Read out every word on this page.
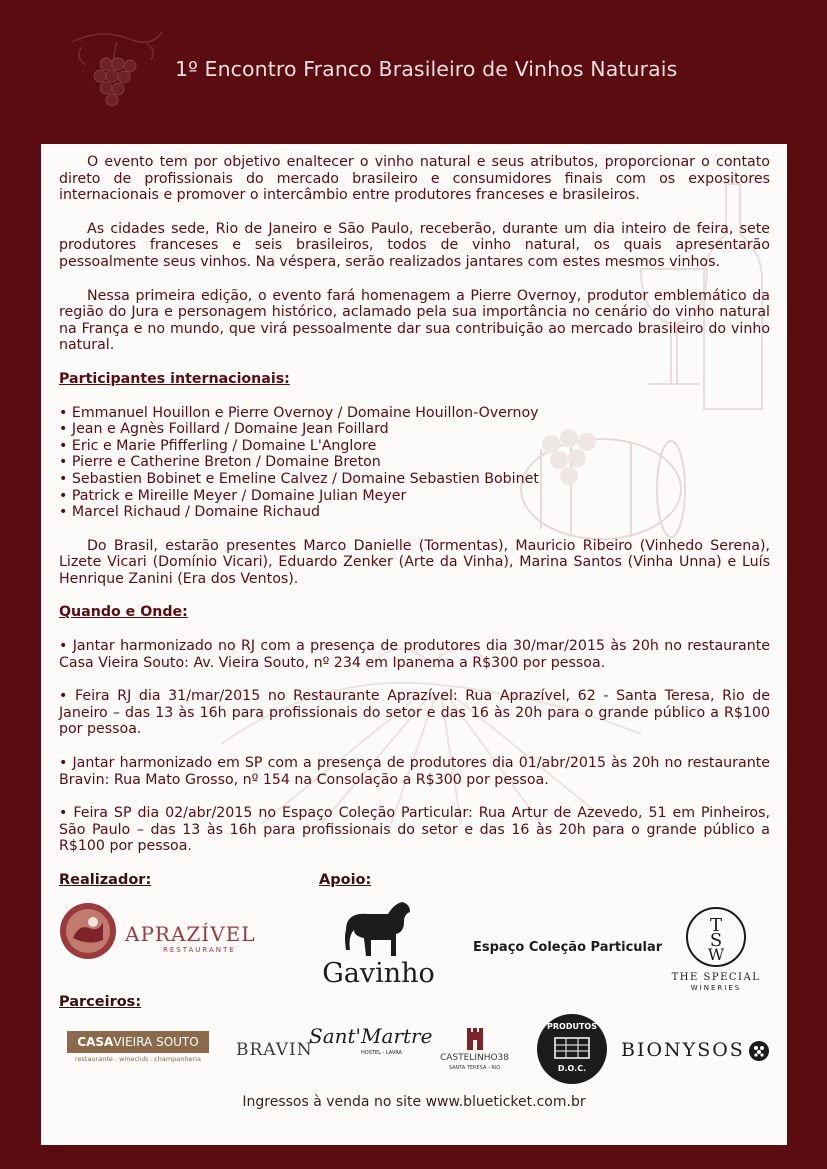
1º Encontro Franco Brasileiro de Vinhos Naturais

O evento tem por objetivo enaltecer o vinho natural e seus atributos, proporcionar o contato direto de profissionais do mercado brasileiro e consumidores finais com os expositores internacionais e promover o intercâmbio entre produtores franceses e brasileiros.

As cidades sede, Rio de Janeiro e São Paulo, receberão, durante um dia inteiro de feira, sete produtores franceses e seis brasileiros, todos de vinho natural, os quais apresentarão pessoalmente seus vinhos. Na véspera, serão realizados jantares com estes mesmos vinhos.

Nessa primeira edição, o evento fará homenagem a Pierre Overnoy, produtor emblemático da região do Jura e personagem histórico, aclamado pela sua importância no cenário do vinho natural na França e no mundo, que virá pessoalmente dar sua contribuição ao mercado brasileiro do vinho natural.

Participantes internacionais:
• Emmanuel Houillon e Pierre Overnoy / Domaine Houillon-Overnoy
• Jean e Agnès Foillard / Domaine Jean Foillard
• Eric e Marie Pfifferling / Domaine L'Anglore
• Pierre e Catherine Breton / Domaine Breton
• Sebastien Bobinet e Emeline Calvez / Domaine Sebastien Bobinet
• Patrick e Mireille Meyer / Domaine Julian Meyer
• Marcel Richaud / Domaine Richaud

Do Brasil, estarão presentes Marco Danielle (Tormentas), Mauricio Ribeiro (Vinhedo Serena), Lizete Vicari (Domínio Vicari), Eduardo Zenker (Arte da Vinha), Marina Santos (Vinha Unna) e Luís Henrique Zanini (Era dos Ventos).

Quando e Onde:

• Jantar harmonizado no RJ com a presença de produtores dia 30/mar/2015 às 20h no restaurante Casa Vieira Souto: Av. Vieira Souto, nº 234 em Ipanema a R$300 por pessoa.

• Feira RJ dia 31/mar/2015 no Restaurante Aprazível: Rua Aprazível, 62 - Santa Teresa, Rio de Janeiro – das 13 às 16h para profissionais do setor e das 16 às 20h para o grande público a R$100 por pessoa.

• Jantar harmonizado em SP com a presença de produtores dia 01/abr/2015 às 20h no restaurante Bravin: Rua Mato Grosso, nº 154 na Consolação a R$300 por pessoa.

• Feira SP dia 02/abr/2015 no Espaço Coleção Particular: Rua Artur de Azevedo, 51 em Pinheiros, São Paulo – das 13 às 16h para profissionais do setor e das 16 às 20h para o grande público a R$100 por pessoa.

Realizador:	Apoio:
APRAZÍVEL
RESTAURANTE
Gavinho
Espaço Coleção Particular
T
S
W
THE SPECIAL
WINERIES
Parceiros:
CASAVIEIRA SOUTO
restaurante . wineclub . champanheria	BRAVIN
Sant'Martre
HOSTEL - LAVRA	CASTELINHO38
SANTA TERESA - RIO
PRODUTOS
D.O.C.
BIONYSOS
Ingressos à venda no site www.blueticket.com.br
